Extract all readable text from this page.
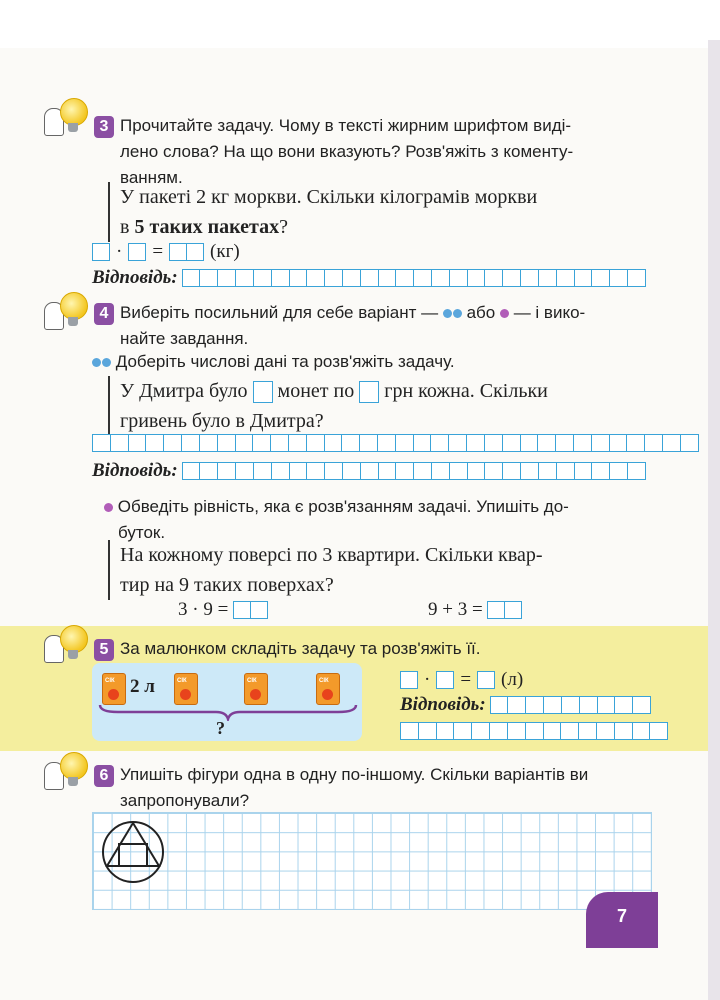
3 Прочитайте задачу. Чому в тексті жирним шрифтом виді-
лено слова? На що вони вказують? Розв'яжіть з коменту-
ванням.
У пакеті 2 кг моркви. Скільки кілограмів моркви
в 5 таких пакетах?
· = (кг)
Відповідь:
4 Виберіть посильний для себе варіант — або — і вико-
найте завдання.
Доберіть числові дані та розв'яжіть задачу.
У Дмитра було монет по грн кожна. Скільки
гривень було в Дмитра?
Відповідь:
Обведіть рівність, яка є розв'язанням задачі. Упишіть до-
буток.
На кожному поверсі по 3 квартири. Скільки квар-
тир на 9 таких поверхах?
3 · 9 =
	9 + 3 =

5 За малюнком складіть задачу та розв'яжіть її.
СІК 2 л	СІК	СІК	СІК
?
· = (л)
Відповідь:
6 Упишіть фігури одна в одну по-іншому. Скільки варіантів ви
запропонували?
7
